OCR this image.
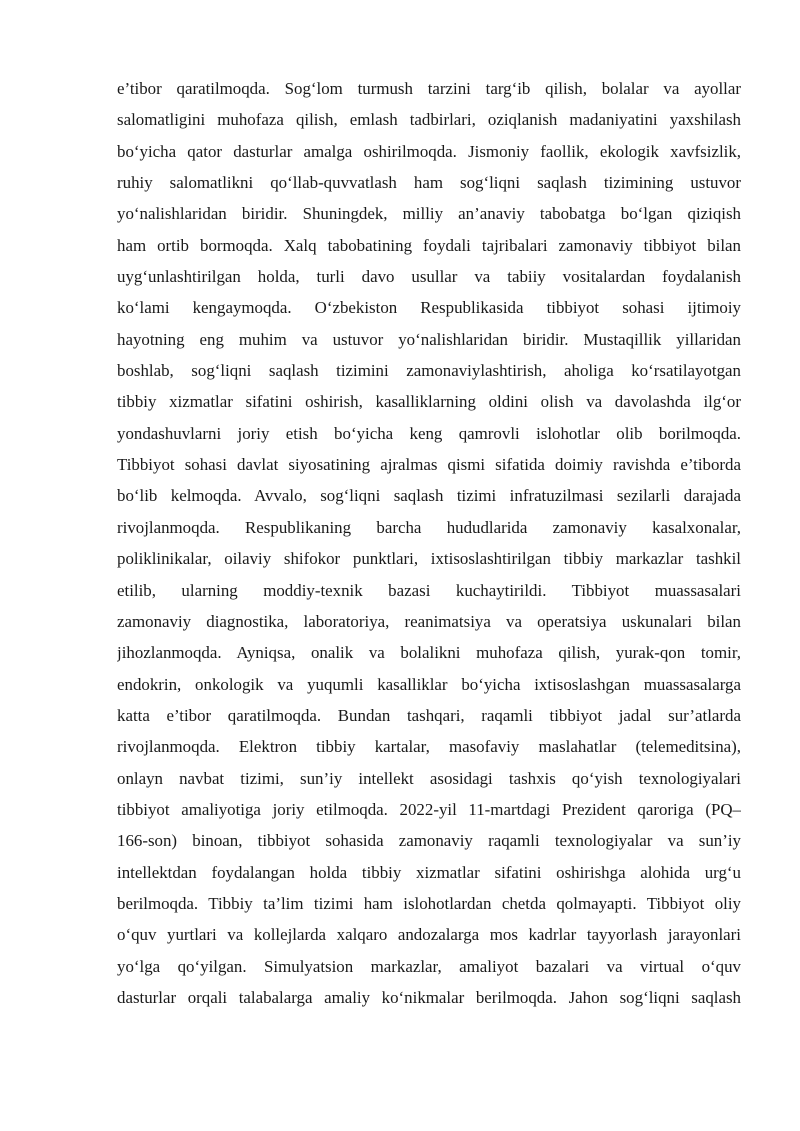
e’tibor qaratilmoqda. Sog‘lom turmush tarzini targ‘ib qilish, bolalar va ayollar
salomatligini muhofaza qilish, emlash tadbirlari, oziqlanish madaniyatini yaxshilash
bo‘yicha qator dasturlar amalga oshirilmoqda. Jismoniy faollik, ekologik xavfsizlik,
ruhiy salomatlikni qo‘llab-quvvatlash ham sog‘liqni saqlash tizimining ustuvor
yo‘nalishlaridan biridir. Shuningdek, milliy an’anaviy tabobatga bo‘lgan qiziqish
ham ortib bormoqda. Xalq tabobatining foydali tajribalari zamonaviy tibbiyot bilan
uyg‘unlashtirilgan holda, turli davo usullar va tabiiy vositalardan foydalanish
ko‘lami kengaymoqda. O‘zbekiston Respublikasida tibbiyot sohasi ijtimoiy
hayotning eng muhim va ustuvor yo‘nalishlaridan biridir. Mustaqillik yillaridan
boshlab, sog‘liqni saqlash tizimini zamonaviylashtirish, aholiga ko‘rsatilayotgan
tibbiy xizmatlar sifatini oshirish, kasalliklarning oldini olish va davolashda ilg‘or
yondashuvlarni joriy etish bo‘yicha keng qamrovli islohotlar olib borilmoqda.
Tibbiyot sohasi davlat siyosatining ajralmas qismi sifatida doimiy ravishda e’tiborda
bo‘lib kelmoqda. Avvalo, sog‘liqni saqlash tizimi infratuzilmasi sezilarli darajada
rivojlanmoqda. Respublikaning barcha hududlarida zamonaviy kasalxonalar,
poliklinikalar, oilaviy shifokor punktlari, ixtisoslashtirilgan tibbiy markazlar tashkil
etilib, ularning moddiy-texnik bazasi kuchaytirildi. Tibbiyot muassasalari
zamonaviy diagnostika, laboratoriya, reanimatsiya va operatsiya uskunalari bilan
jihozlanmoqda. Ayniqsa, onalik va bolalikni muhofaza qilish, yurak-qon tomir,
endokrin, onkologik va yuqumli kasalliklar bo‘yicha ixtisoslashgan muassasalarga
katta e’tibor qaratilmoqda. Bundan tashqari, raqamli tibbiyot jadal sur’atlarda
rivojlanmoqda. Elektron tibbiy kartalar, masofaviy maslahatlar (telemeditsina),
onlayn navbat tizimi, sun’iy intellekt asosidagi tashxis qo‘yish texnologiyalari
tibbiyot amaliyotiga joriy etilmoqda. 2022-yil 11-martdagi Prezident qaroriga (PQ–
166-son) binoan, tibbiyot sohasida zamonaviy raqamli texnologiyalar va sun’iy
intellektdan foydalangan holda tibbiy xizmatlar sifatini oshirishga alohida urg‘u
berilmoqda. Tibbiy ta’lim tizimi ham islohotlardan chetda qolmayapti. Tibbiyot oliy
o‘quv yurtlari va kollejlarda xalqaro andozalarga mos kadrlar tayyorlash jarayonlari
yo‘lga qo‘yilgan. Simulyatsion markazlar, amaliyot bazalari va virtual o‘quv
dasturlar orqali talabalarga amaliy ko‘nikmalar berilmoqda. Jahon sog‘liqni saqlash
